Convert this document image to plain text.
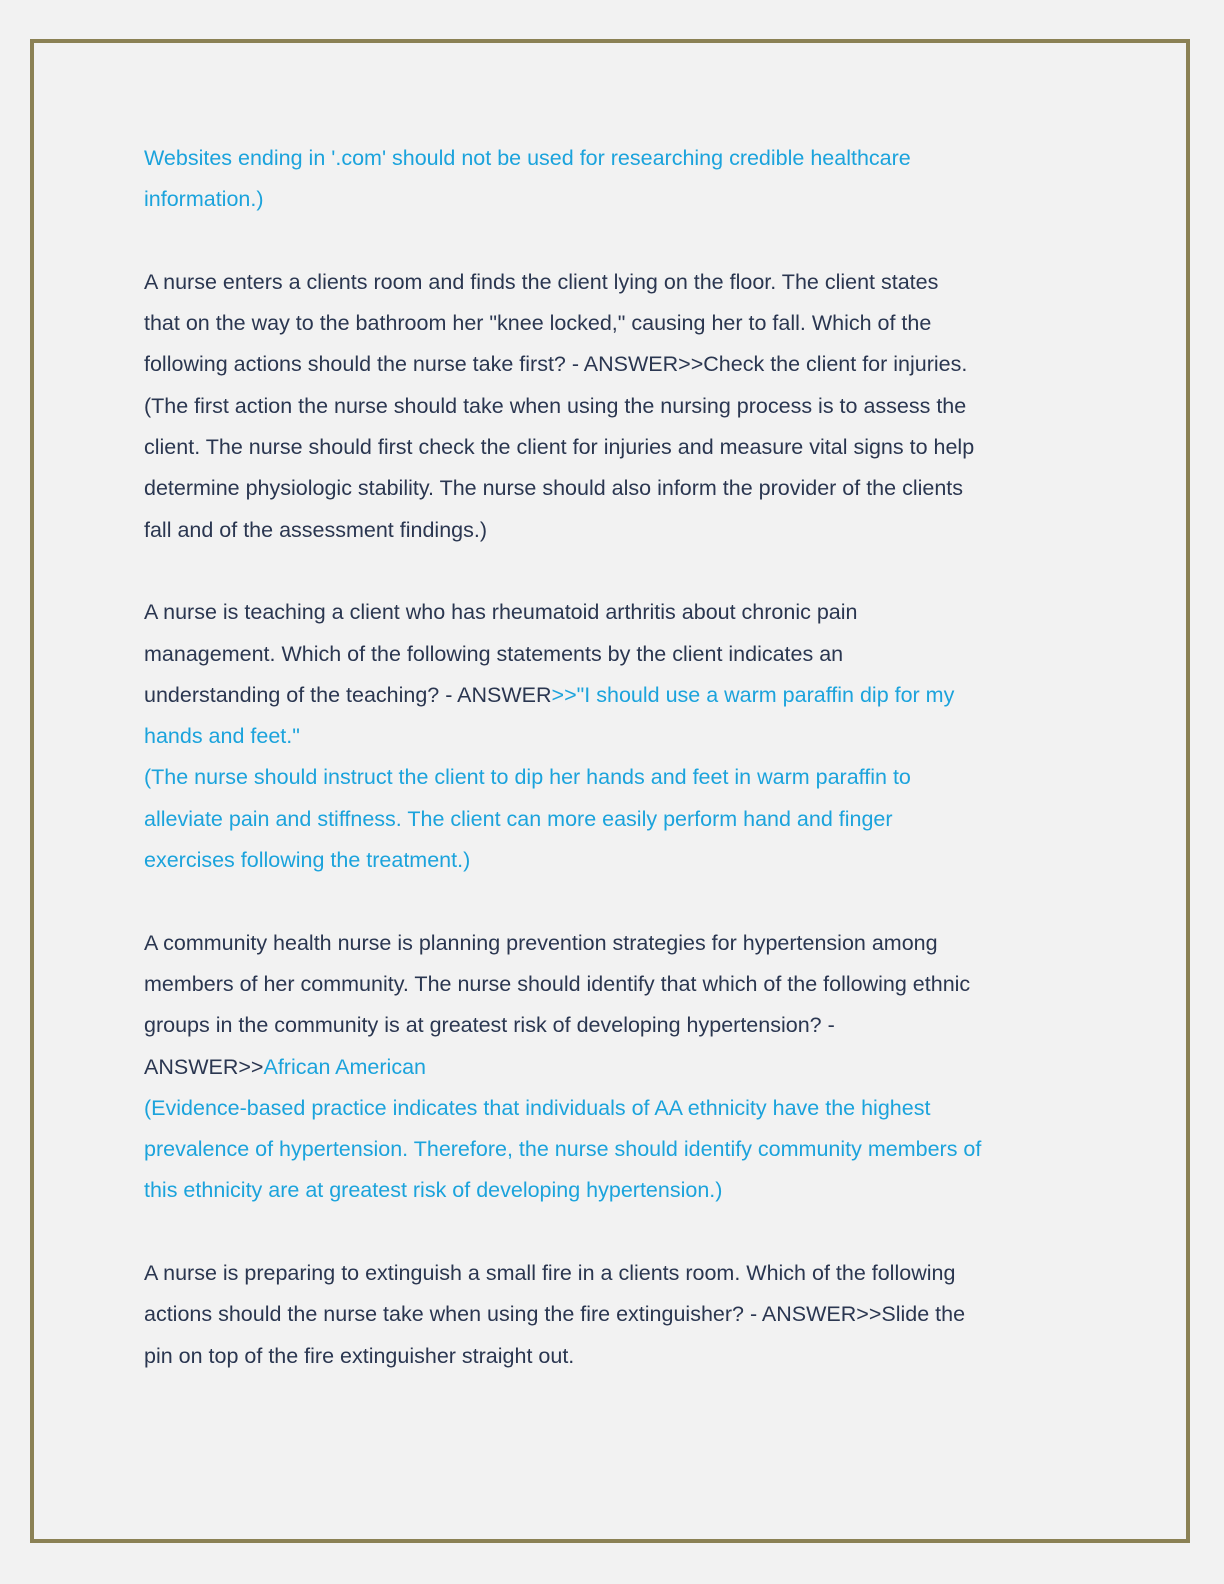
Websites ending in '.com' should not be used for researching credible healthcare
information.)
A nurse enters a clients room and finds the client lying on the floor. The client states
that on the way to the bathroom her "knee locked," causing her to fall. Which of the
following actions should the nurse take first? - ANSWER>>Check the client for injuries.
(The first action the nurse should take when using the nursing process is to assess the
client. The nurse should first check the client for injuries and measure vital signs to help
determine physiologic stability. The nurse should also inform the provider of the clients
fall and of the assessment findings.)
A nurse is teaching a client who has rheumatoid arthritis about chronic pain
management. Which of the following statements by the client indicates an
understanding of the teaching? - ANSWER>>"I should use a warm paraffin dip for my
hands and feet."
(The nurse should instruct the client to dip her hands and feet in warm paraffin to
alleviate pain and stiffness. The client can more easily perform hand and finger
exercises following the treatment.)
A community health nurse is planning prevention strategies for hypertension among
members of her community. The nurse should identify that which of the following ethnic
groups in the community is at greatest risk of developing hypertension? -
ANSWER>>African American
(Evidence-based practice indicates that individuals of AA ethnicity have the highest
prevalence of hypertension. Therefore, the nurse should identify community members of
this ethnicity are at greatest risk of developing hypertension.)
A nurse is preparing to extinguish a small fire in a clients room. Which of the following
actions should the nurse take when using the fire extinguisher? - ANSWER>>Slide the
pin on top of the fire extinguisher straight out.
